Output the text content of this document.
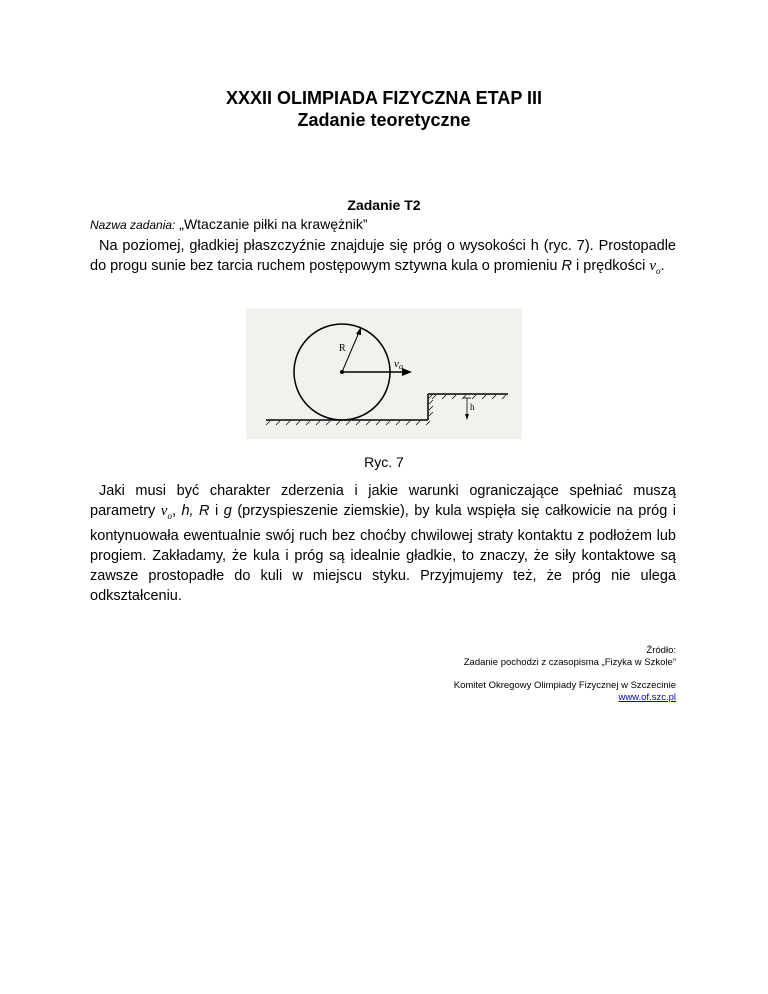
XXXII OLIMPIADA FIZYCZNA ETAP III
Zadanie teoretyczne
Zadanie T2
Nazwa zadania: „Wtaczanie piłki na krawężnik”
Na poziomej, gładkiej płaszczyźnie znajduje się próg o wysokości h (ryc. 7). Prostopadle do progu sunie bez tarcia ruchem postępowym sztywna kula o promieniu R i prędkości $v_o$.
h
R
vo
Ryc. 7
Jaki musi być charakter zderzenia i jakie warunki ograniczające spełniać muszą parametry $v_o$, h, R i g (przyspieszenie ziemskie), by kula wspięła się całkowicie na próg i kontynuowała ewentualnie swój ruch bez choćby chwilowej straty kontaktu z podłożem lub progiem. Zakładamy, że kula i próg są idealnie gładkie, to znaczy, że siły kontaktowe są zawsze prostopadłe do kuli w miejscu styku. Przyjmujemy też, że próg nie ulega odkształceniu.
Źródło:
Zadanie pochodzi z czasopisma „Fizyka w Szkole”
Komitet Okregowy Olimpiady Fizycznej w Szczecinie
www.of.szc.pl
